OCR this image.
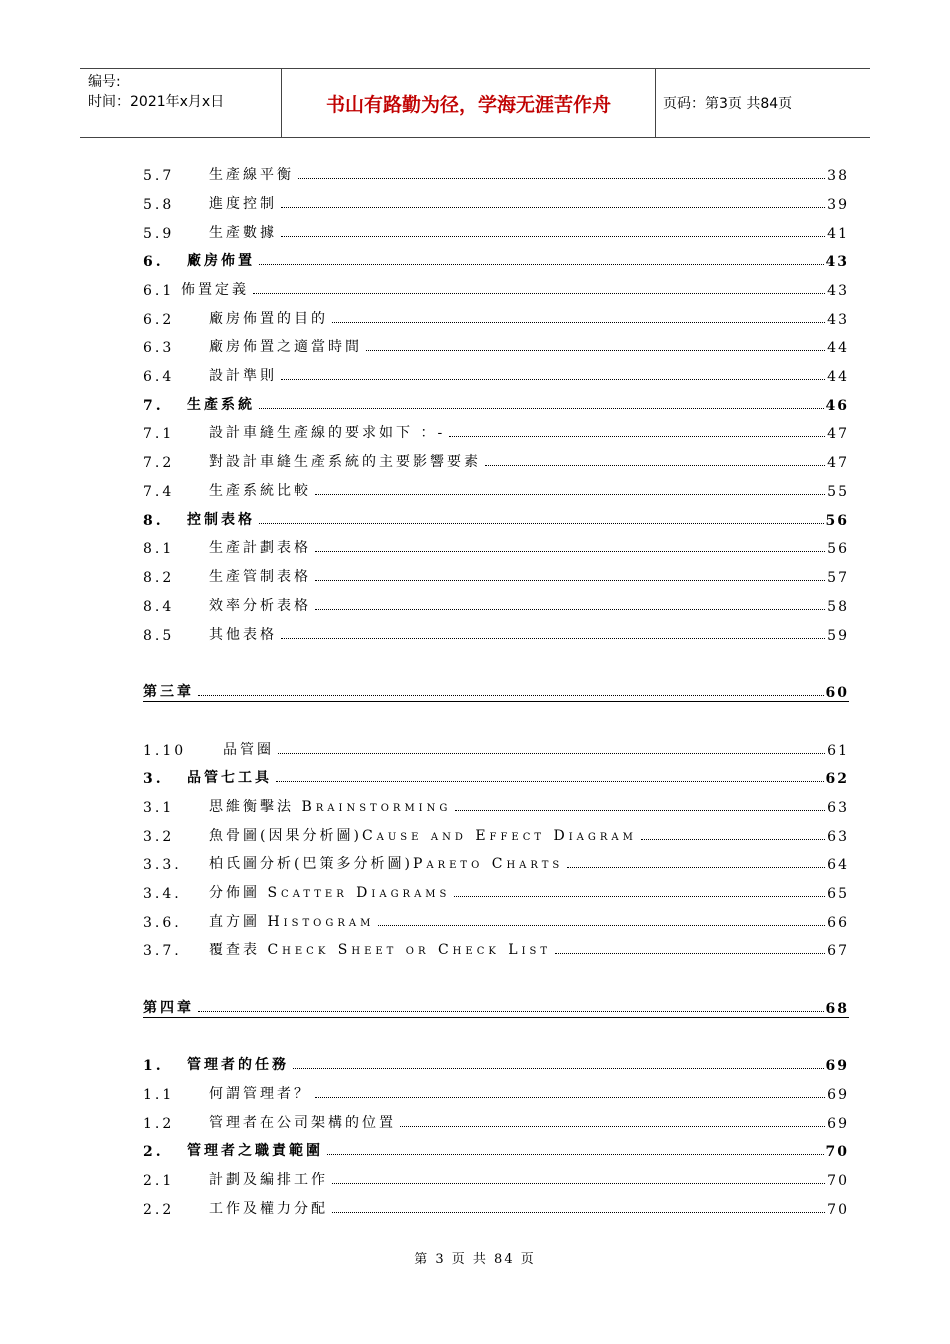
编号:
时间：2021年x月x日	书山有路勤为径，学海无涯苦作舟	页码：第3页 共84页
5.7	生產線平衡	38
5.8	進度控制	39
5.9	生產數據	41
6.	廠房佈置	43
6.1 佈置定義	43
6.2	廠房佈置的目的	43
6.3	廠房佈置之適當時間	44
6.4	設計準則	44
7.	生產系統	46
7.1	設計車縫生產線的要求如下 ：-	47
7.2	對設計車縫生產系統的主要影響要素	47
7.4	生產系統比較	55
8.	控制表格	56
8.1	生產計劃表格	56
8.2	生產管制表格	57
8.4	效率分析表格	58
8.5	其他表格	59
第三章	60
1.10	品管圈	61
3.	品管七工具	62
3.1	思維衡擊法 Brainstorming	63
3.2	魚骨圖(因果分析圖)Cause and Effect Diagram	63
3.3.	柏氏圖分析(巴策多分析圖)Pareto Charts	64
3.4.	分佈圖 Scatter Diagrams	65
3.6.	直方圖 Histogram	66
3.7.	覆查表 Check Sheet or Check List	67
第四章	68
1.	管理者的任務	69
1.1	何謂管理者？	69
1.2	管理者在公司架構的位置	69
2.	管理者之職責範圍	70
2.1	計劃及編排工作	70
2.2	工作及權力分配	70
第 3 页 共 84 页
